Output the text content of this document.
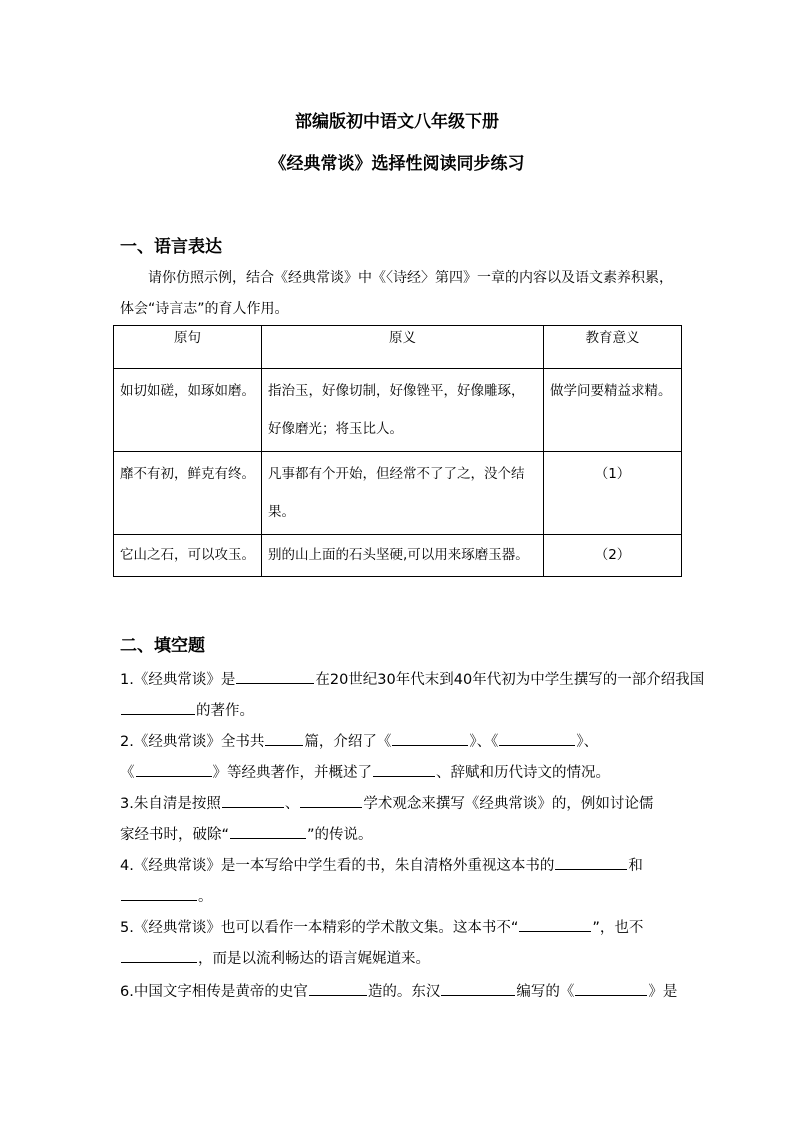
部编版初中语文八年级下册
《经典常谈》选择性阅读同步练习
一、语言表达
请你仿照示例，结合《经典常谈》中《〈诗经〉第四》一章的内容以及语文素养积累，
体会“诗言志”的育人作用。
原句	原义	教育意义

如切如磋，如琢如磨。	指治玉，好像切制，好像锉平，好像雕琢，
好像磨光；将玉比人。	做学问要精益求精。

靡不有初，鲜克有终。	凡事都有个开始，但经常不了了之，没个结
果。	（1）

它山之石，可以攻玉。	别的山上面的石头坚硬,可以用来琢磨玉器。	（2）
二、填空题
1.《经典常谈》是	在20世纪30年代末到40年代初为中学生撰写的一部介绍我国
的著作。
2.《经典常谈》全书共	篇，介绍了《	》、《	》、
《	》等经典著作，并概述了	、辞赋和历代诗文的情况。
3.朱自清是按照	、	学术观念来撰写《经典常谈》的，例如讨论儒
家经书时，破除“	”的传说。
4.《经典常谈》是一本写给中学生看的书，朱自清格外重视这本书的	和
。
5.《经典常谈》也可以看作一本精彩的学术散文集。这本书不“	”，也不
，而是以流利畅达的语言娓娓道来。
6.中国文字相传是黄帝的史官	造的。东汉	编写的《	》是
